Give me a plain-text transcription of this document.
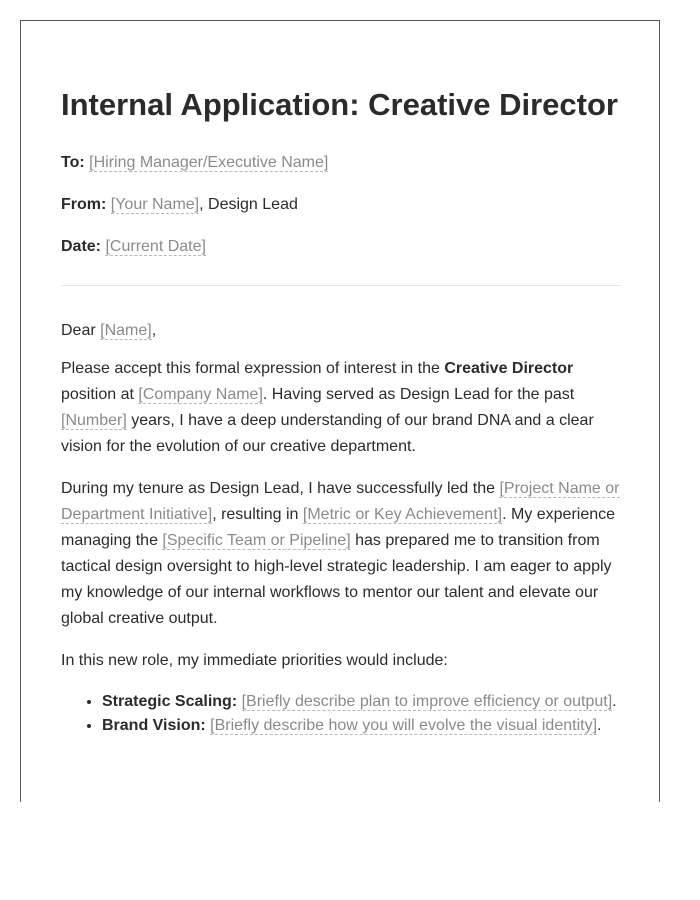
Internal Application: Creative Director

To: [Hiring Manager/Executive Name]

From: [Your Name], Design Lead

Date: [Current Date]

Dear [Name],

Please accept this formal expression of interest in the Creative Director position at [Company Name]. Having served as Design Lead for the past [Number] years, I have a deep understanding of our brand DNA and a clear vision for the evolution of our creative department.

During my tenure as Design Lead, I have successfully led the [Project Name or Department Initiative], resulting in [Metric or Key Achievement]. My experience managing the [Specific Team or Pipeline] has prepared me to transition from tactical design oversight to high-level strategic leadership. I am eager to apply my knowledge of our internal workflows to mentor our talent and elevate our global creative output.

In this new role, my immediate priorities would include:

• Strategic Scaling: [Briefly describe plan to improve efficiency or output].
• Brand Vision: [Briefly describe how you will evolve the visual identity].
